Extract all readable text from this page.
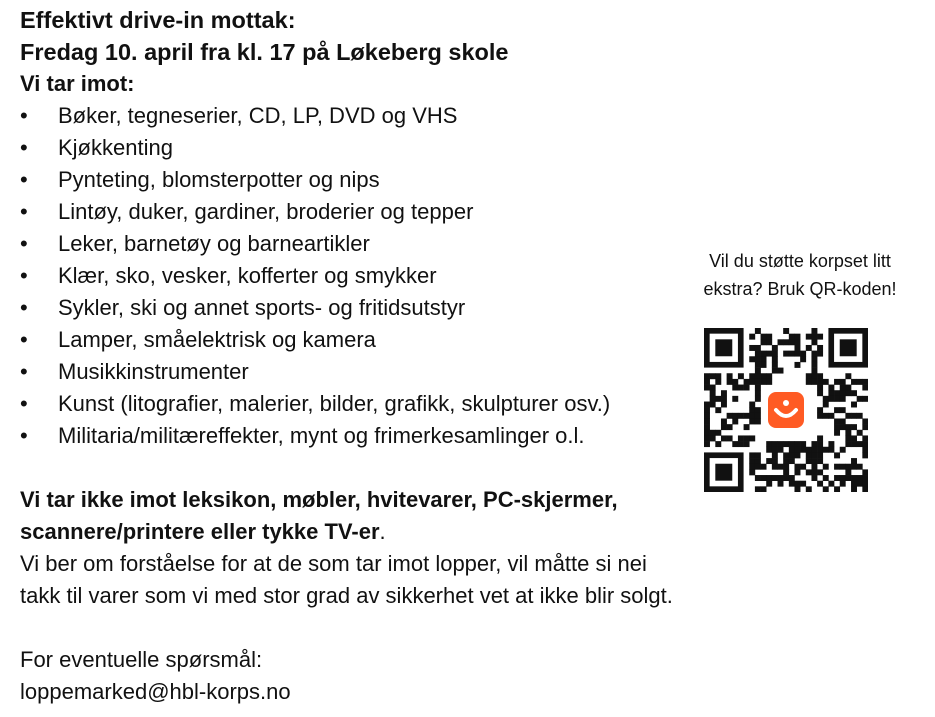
Effektivt drive-in mottak:
Fredag 10. april fra kl. 17 på Løkeberg skole
Vi tar imot:
•	Bøker, tegneserier, CD, LP, DVD og VHS
•	Kjøkkenting
•	Pynteting, blomsterpotter og nips
•	Lintøy, duker, gardiner, broderier og tepper
•	Leker, barnetøy og barneartikler
•	Klær, sko, vesker, kofferter og smykker
•	Sykler, ski og annet sports- og fritidsutstyr
•	Lamper, småelektrisk og kamera
•	Musikkinstrumenter
•	Kunst (litografier, malerier, bilder, grafikk, skulpturer osv.)
•	Militaria/militæreffekter, mynt og frimerkesamlinger o.l.
Vi tar ikke imot leksikon, møbler, hvitevarer, PC-skjermer,
scannere/printere eller tykke TV-er.

Vi ber om forståelse for at de som tar imot lopper, vil måtte si nei

takk til varer som vi med stor grad av sikkerhet vet at ikke blir solgt.

For eventuelle spørsmål:
loppemarked@hbl-korps.no
Vil du støtte korpset litt
ekstra? Bruk QR-koden!
